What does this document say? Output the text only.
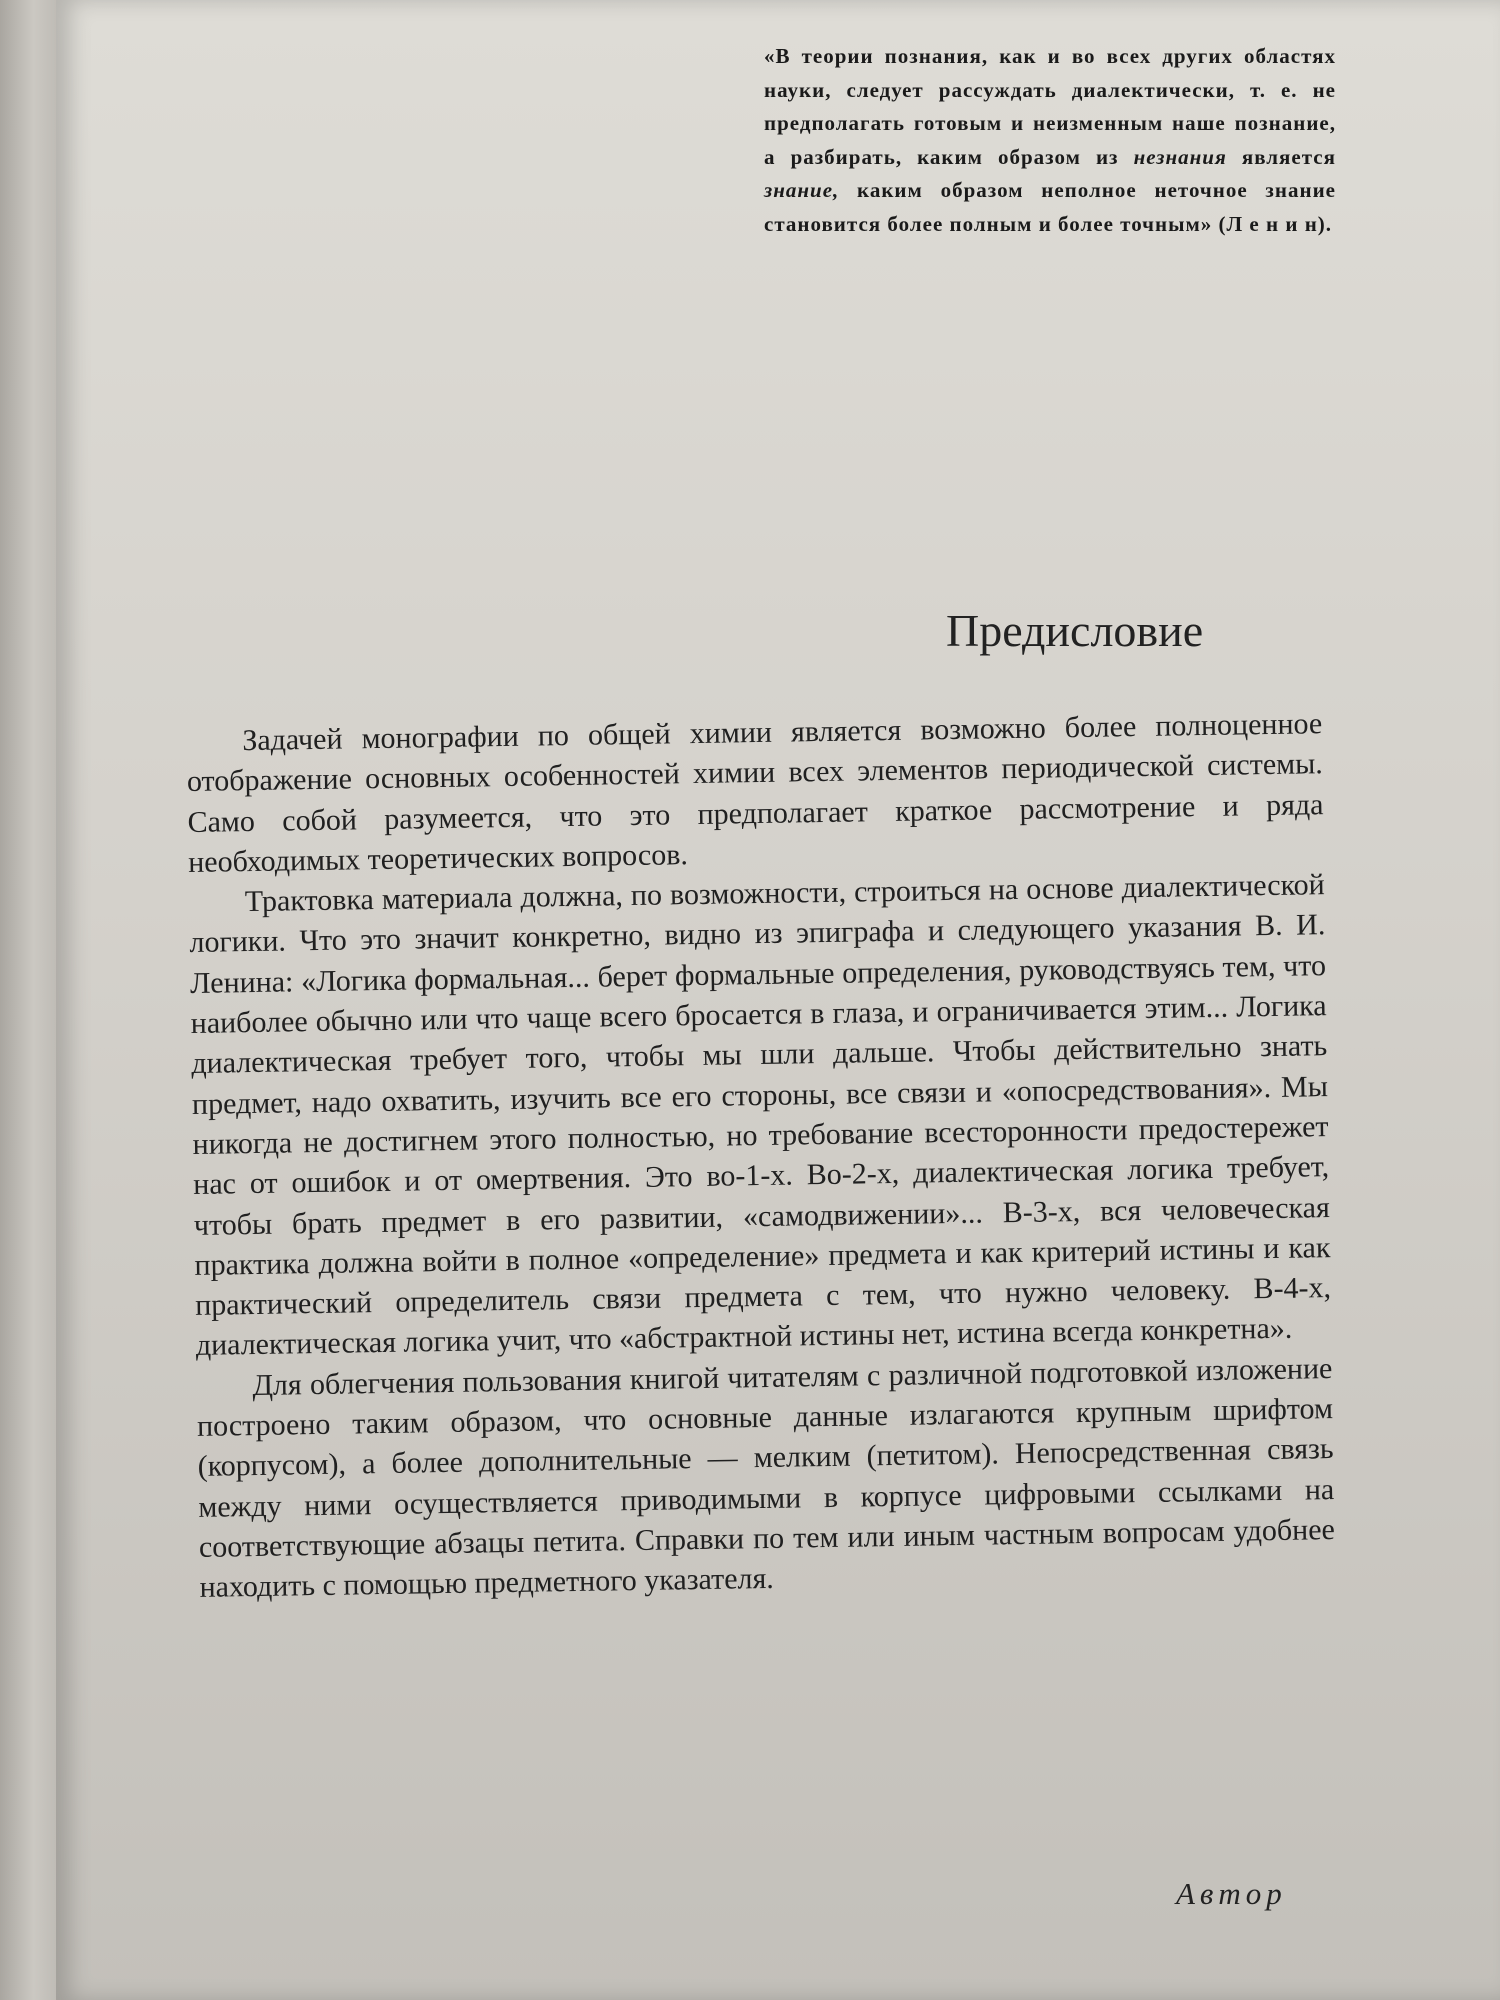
«В теории познания, как и во всех других областях науки, следует рассуждать диалектически, т. е. не предполагать готовым и неизменным наше познание, а разбирать, каким образом из незнания является знание, каким образом неполное неточное знание становится более полным и более точным» (Л е н и н).

Предисловие

Задачей монографии по общей химии является возможно более полноценное отображение основных особенностей химии всех элементов периодической системы. Само собой разумеется, что это предполагает краткое рассмотрение и ряда необходимых теоретических вопросов.

Трактовка материала должна, по возможности, строиться на основе диалектической логики. Что это значит конкретно, видно из эпиграфа и следующего указания В. И. Ленина: «Логика формальная... берет формальные определения, руководствуясь тем, что наиболее обычно или что чаще всего бросается в глаза, и ограничивается этим... Логика диалектическая требует того, чтобы мы шли дальше. Чтобы действительно знать предмет, надо охватить, изучить все его стороны, все связи и «опосредствования». Мы никогда не достигнем этого полностью, но требование всесторонности предостережет нас от ошибок и от омертвения. Это во-1-х. Во-2-х, диалектическая логика требует, чтобы брать предмет в его развитии, «самодвижении»... В-3-х, вся человеческая практика должна войти в полное «определение» предмета и как критерий истины и как практический определитель связи предмета с тем, что нужно человеку. В-4-х, диалектическая логика учит, что «абстрактной истины нет, истина всегда конкретна».

Для облегчения пользования книгой читателям с различной подготовкой изложение построено таким образом, что основные данные излагаются крупным шрифтом (корпусом), а более дополнительные — мелким (петитом). Непосредственная связь между ними осуществляется приводимыми в корпусе цифровыми ссылками на соответствующие абзацы петита. Справки по тем или иным частным вопросам удобнее находить с помощью предметного указателя.

Автор
